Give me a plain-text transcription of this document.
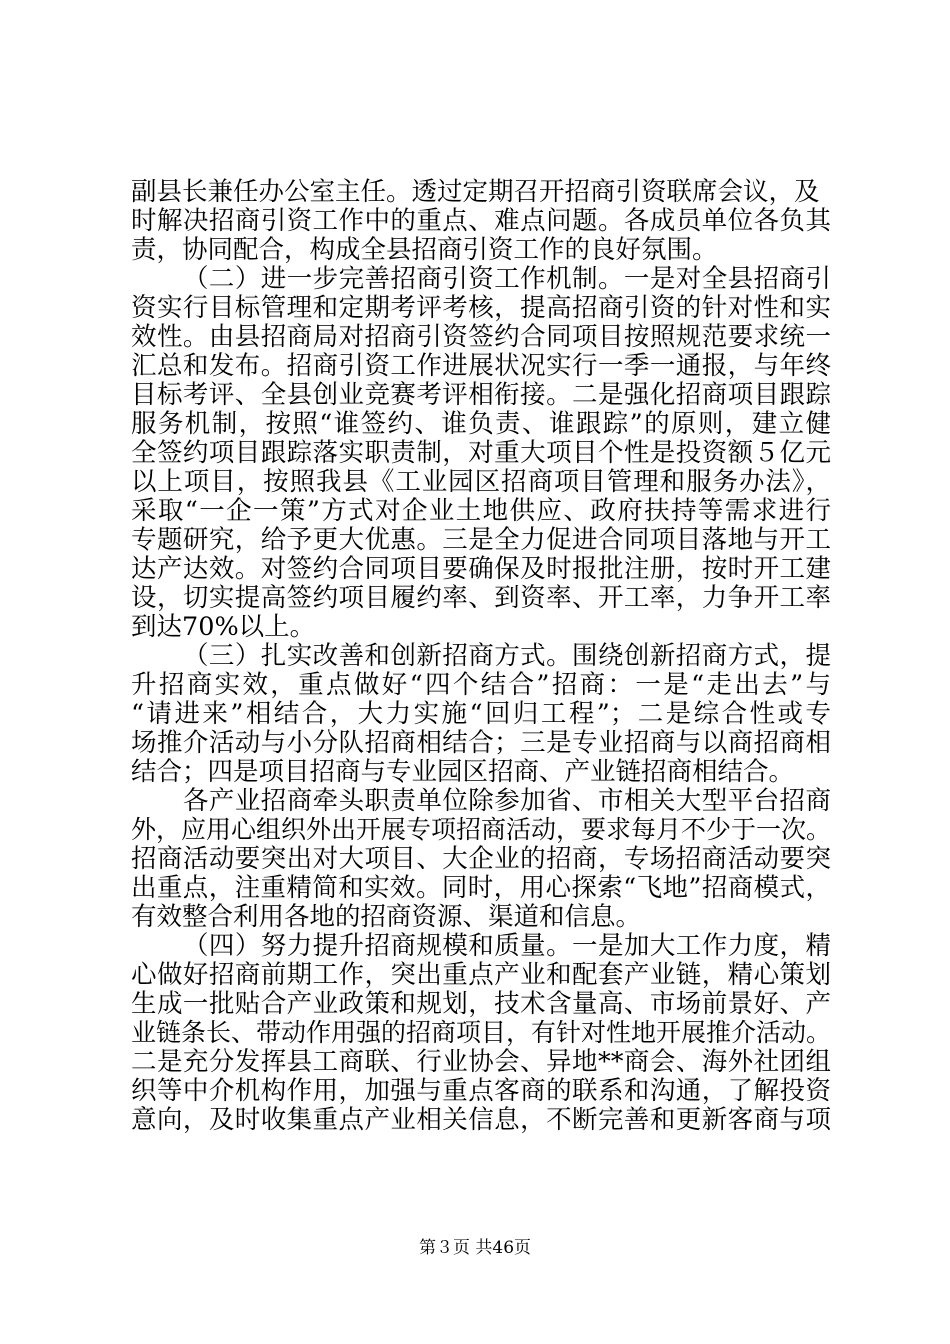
副县长兼任办公室主任。透过定期召开招商引资联席会议，及
时解决招商引资工作中的重点、难点问题。各成员单位各负其
责，协同配合，构成全县招商引资工作的良好氛围。
（二）进一步完善招商引资工作机制。一是对全县招商引
资实行目标管理和定期考评考核，提高招商引资的针对性和实
效性。由县招商局对招商引资签约合同项目按照规范要求统一
汇总和发布。招商引资工作进展状况实行一季一通报，与年终
目标考评、全县创业竞赛考评相衔接。二是强化招商项目跟踪
服务机制，按照“谁签约、谁负责、谁跟踪”的原则，建立健
全签约项目跟踪落实职责制，对重大项目个性是投资额５亿元
以上项目，按照我县《工业园区招商项目管理和服务办法》，
采取“一企一策”方式对企业土地供应、政府扶持等需求进行
专题研究，给予更大优惠。三是全力促进合同项目落地与开工
达产达效。对签约合同项目要确保及时报批注册，按时开工建
设，切实提高签约项目履约率、到资率、开工率，力争开工率
到达70%以上。
（三）扎实改善和创新招商方式。围绕创新招商方式，提
升招商实效，重点做好“四个结合”招商：一是“走出去”与
“请进来”相结合，大力实施“回归工程”；二是综合性或专
场推介活动与小分队招商相结合；三是专业招商与以商招商相
结合；四是项目招商与专业园区招商、产业链招商相结合。
各产业招商牵头职责单位除参加省、市相关大型平台招商
外，应用心组织外出开展专项招商活动，要求每月不少于一次。
招商活动要突出对大项目、大企业的招商，专场招商活动要突
出重点，注重精简和实效。同时，用心探索“飞地”招商模式，
有效整合利用各地的招商资源、渠道和信息。
（四）努力提升招商规模和质量。一是加大工作力度，精
心做好招商前期工作，突出重点产业和配套产业链，精心策划
生成一批贴合产业政策和规划，技术含量高、市场前景好、产
业链条长、带动作用强的招商项目，有针对性地开展推介活动。
二是充分发挥县工商联、行业协会、异地**商会、海外社团组
织等中介机构作用，加强与重点客商的联系和沟通，了解投资
意向，及时收集重点产业相关信息，不断完善和更新客商与项
第３页 共46页
